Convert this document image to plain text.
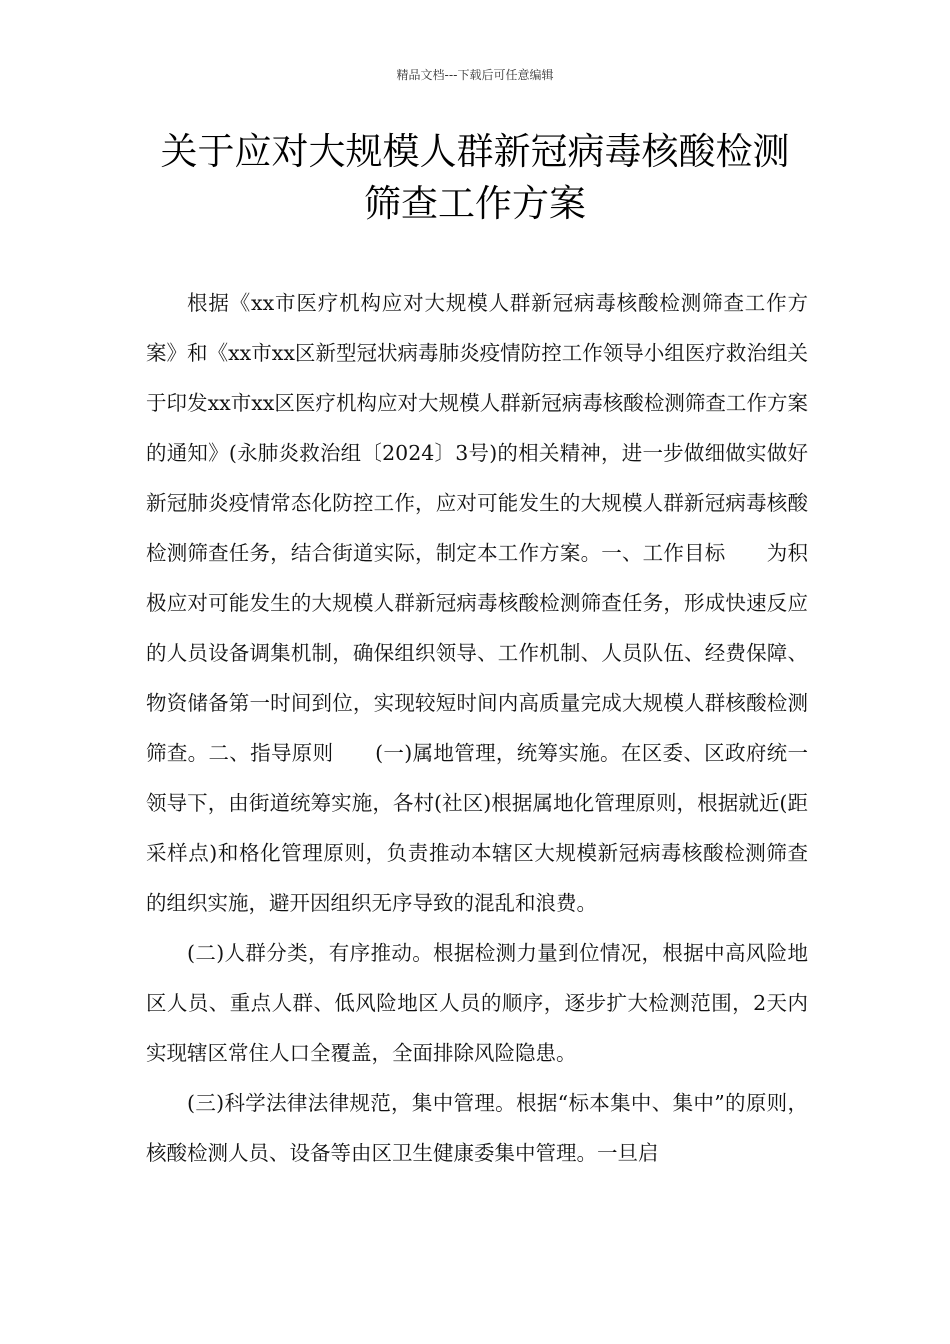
精品文档---下载后可任意编辑
关于应对大规模人群新冠病毒核酸检测
筛查工作方案

根据《xx市医疗机构应对大规模人群新冠病毒核酸检测筛查工作方案》和《xx市xx区新型冠状病毒肺炎疫情防控工作领导小组医疗救治组关于印发xx市xx区医疗机构应对大规模人群新冠病毒核酸检测筛查工作方案的通知》(永肺炎救治组〔2024〕3号)的相关精神，进一步做细做实做好新冠肺炎疫情常态化防控工作，应对可能发生的大规模人群新冠病毒核酸检测筛查任务，结合街道实际，制定本工作方案。一、工作目标　　为积极应对可能发生的大规模人群新冠病毒核酸检测筛查任务，形成快速反应的人员设备调集机制，确保组织领导、工作机制、人员队伍、经费保障、物资储备第一时间到位，实现较短时间内高质量完成大规模人群核酸检测筛查。二、指导原则　　(一)属地管理，统筹实施。在区委、区政府统一领导下，由街道统筹实施，各村(社区)根据属地化管理原则，根据就近(距采样点)和格化管理原则，负责推动本辖区大规模新冠病毒核酸检测筛查的组织实施，避开因组织无序导致的混乱和浪费。

(二)人群分类，有序推动。根据检测力量到位情况，根据中高风险地区人员、重点人群、低风险地区人员的顺序，逐步扩大检测范围，2天内实现辖区常住人口全覆盖，全面排除风险隐患。

(三)科学法律法律规范，集中管理。根据“标本集中、集中”的原则，核酸检测人员、设备等由区卫生健康委集中管理。一旦启
